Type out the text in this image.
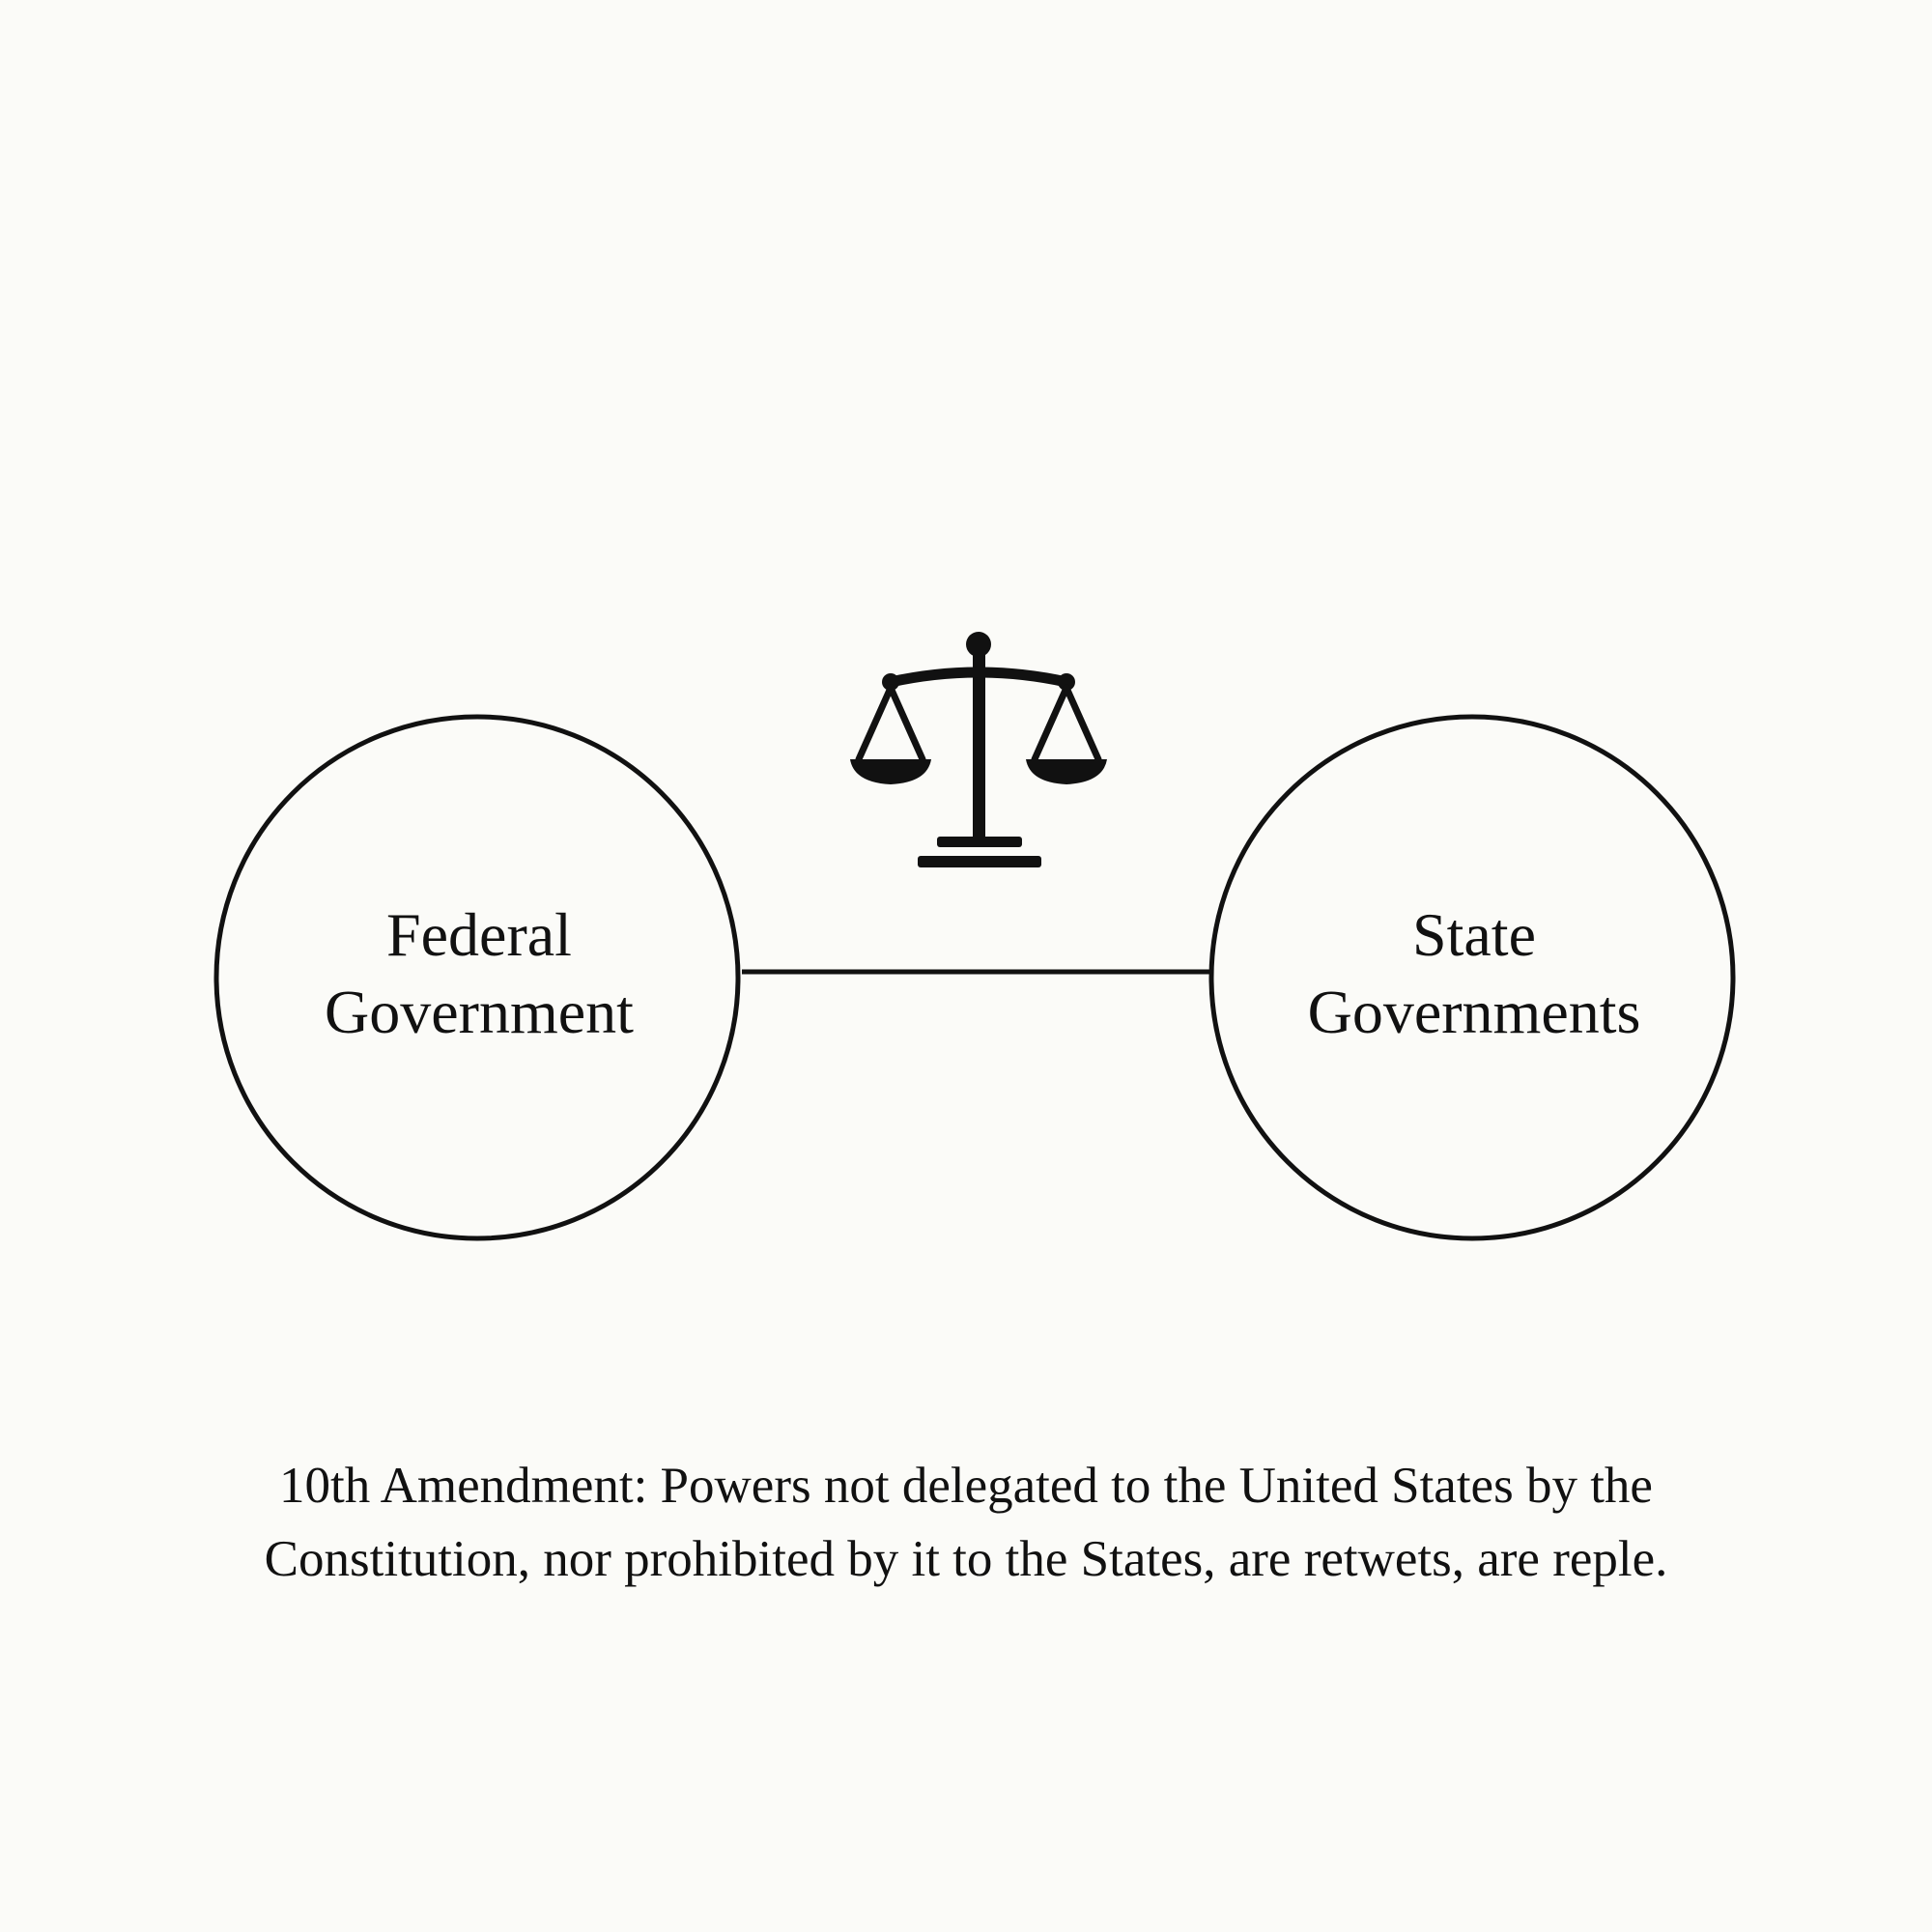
Federal
Government
State
Governments
10th Amendment: Powers not delegated to the United States by the
Constitution, nor prohibited by it to the States, are retwets, are reple.
